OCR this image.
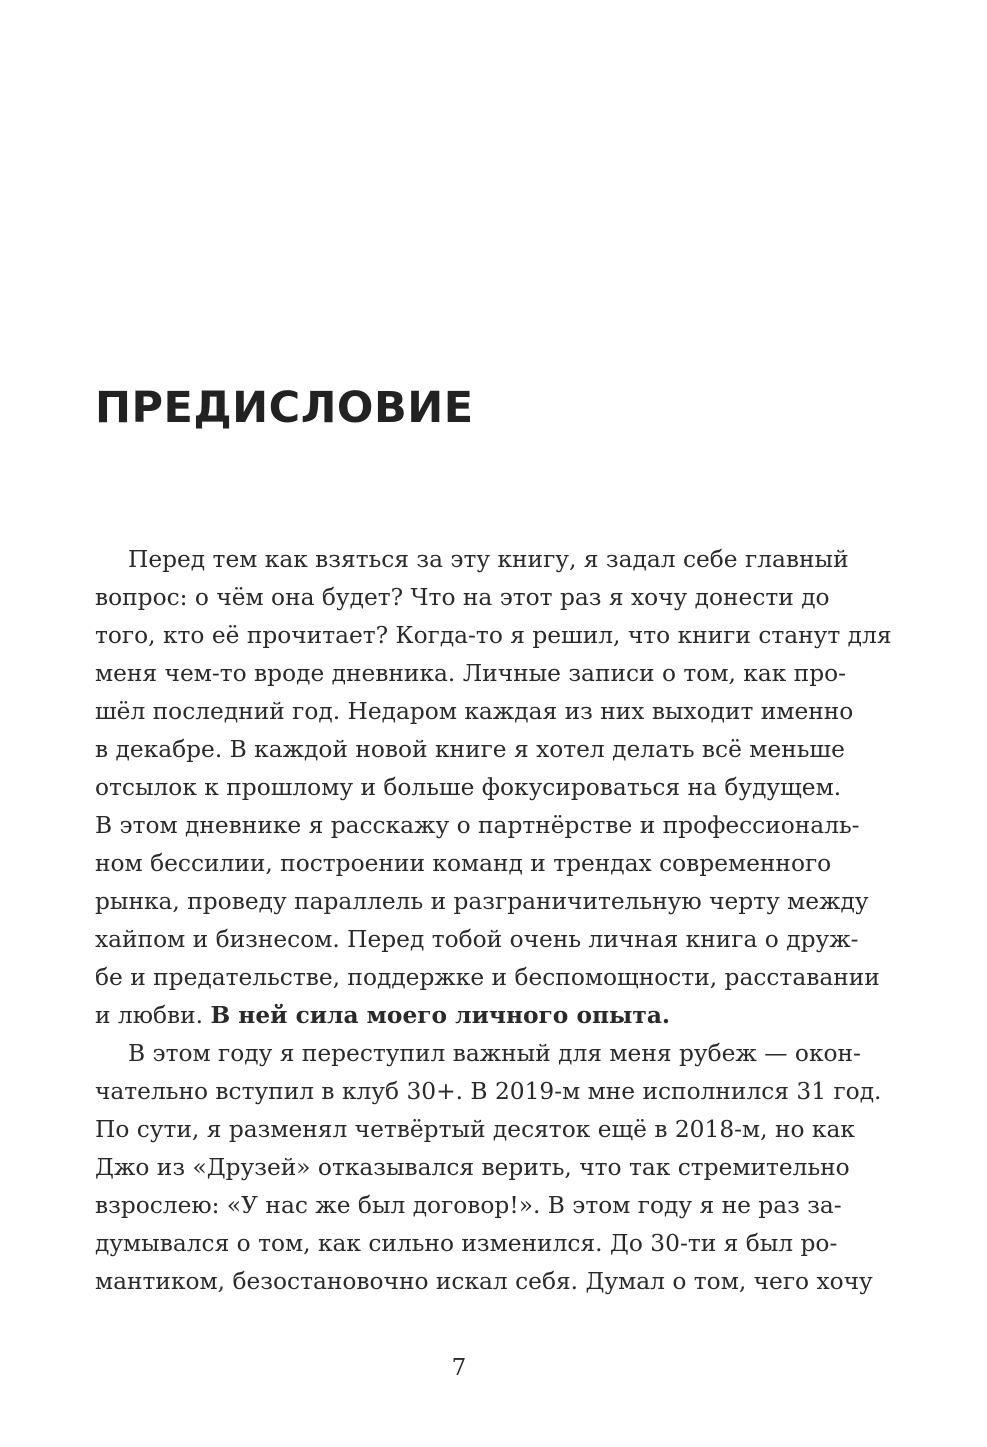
ПРЕДИСЛОВИЕ
Перед тем как взяться за эту книгу, я задал себе главный
вопрос: о чём она будет? Что на этот раз я хочу донести до
того, кто её прочитает? Когда-то я решил, что книги станут для
меня чем-то вроде дневника. Личные записи о том, как про-
шёл последний год. Недаром каждая из них выходит именно
в декабре. В каждой новой книге я хотел делать всё меньше
отсылок к прошлому и больше фокусироваться на будущем.
В этом дневнике я расскажу о партнёрстве и профессиональ-
ном бессилии, построении команд и трендах современного
рынка, проведу параллель и разграничительную черту между
хайпом и бизнесом. Перед тобой очень личная книга о друж-
бе и предательстве, поддержке и беспомощности, расставании
и любви. В ней сила моего личного опыта.
В этом году я переступил важный для меня рубеж — окон-
чательно вступил в клуб 30+. В 2019-м мне исполнился 31 год.
По сути, я разменял четвёртый десяток ещё в 2018-м, но как
Джо из «Друзей» отказывался верить, что так стремительно
взрослею: «У нас же был договор!». В этом году я не раз за-
думывался о том, как сильно изменился. До 30-ти я был ро-
мантиком, безостановочно искал себя. Думал о том, чего хочу
7
